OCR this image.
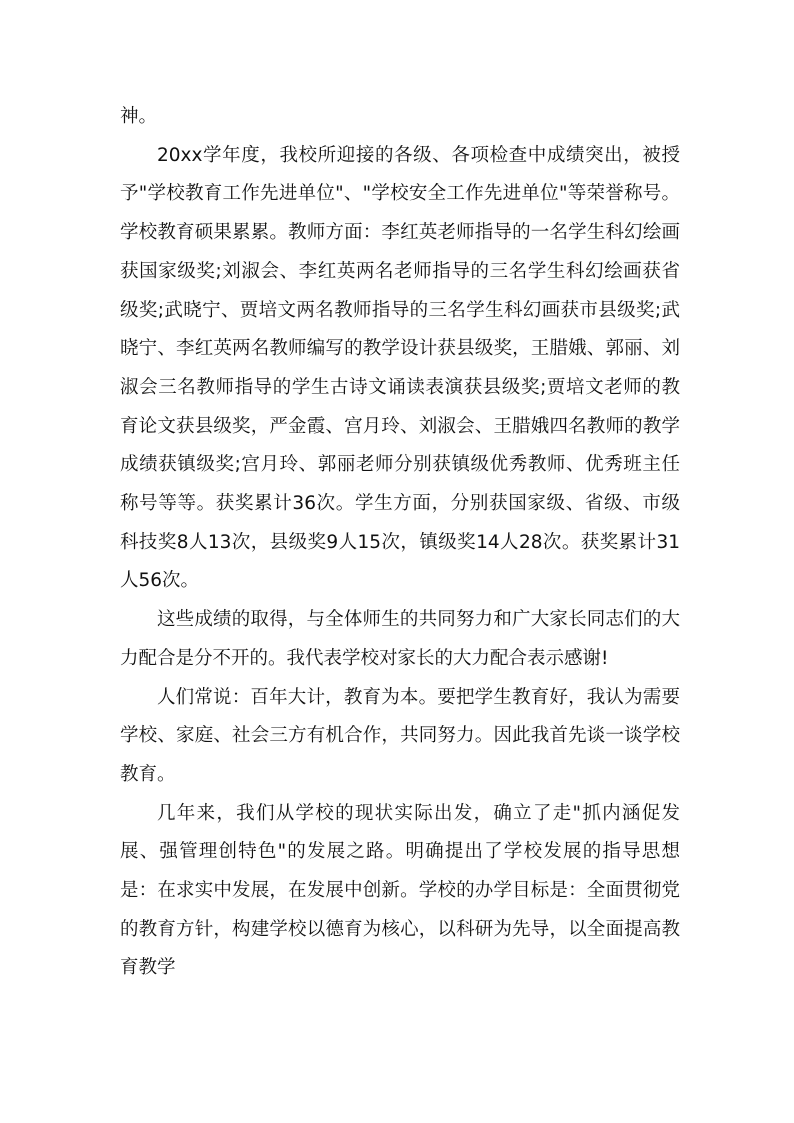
神。

20xx学年度，我校所迎接的各级、各项检查中成绩突出，被授予"学校教育工作先进单位"、"学校安全工作先进单位"等荣誉称号。学校教育硕果累累。教师方面：李红英老师指导的一名学生科幻绘画获国家级奖;刘淑会、李红英两名老师指导的三名学生科幻绘画获省级奖;武晓宁、贾培文两名教师指导的三名学生科幻画获市县级奖;武晓宁、李红英两名教师编写的教学设计获县级奖，王腊娥、郭丽、刘淑会三名教师指导的学生古诗文诵读表演获县级奖;贾培文老师的教育论文获县级奖，严金霞、宫月玲、刘淑会、王腊娥四名教师的教学成绩获镇级奖;宫月玲、郭丽老师分别获镇级优秀教师、优秀班主任称号等等。获奖累计36次。学生方面，分别获国家级、省级、市级科技奖8人13次，县级奖9人15次，镇级奖14人28次。获奖累计31人56次。

这些成绩的取得，与全体师生的共同努力和广大家长同志们的大力配合是分不开的。我代表学校对家长的大力配合表示感谢!

人们常说：百年大计，教育为本。要把学生教育好，我认为需要学校、家庭、社会三方有机合作，共同努力。因此我首先谈一谈学校教育。

几年来，我们从学校的现状实际出发，确立了走"抓内涵促发展、强管理创特色"的发展之路。明确提出了学校发展的指导思想是：在求实中发展，在发展中创新。学校的办学目标是：全面贯彻党的教育方针，构建学校以德育为核心，以科研为先导，以全面提高教育教学
